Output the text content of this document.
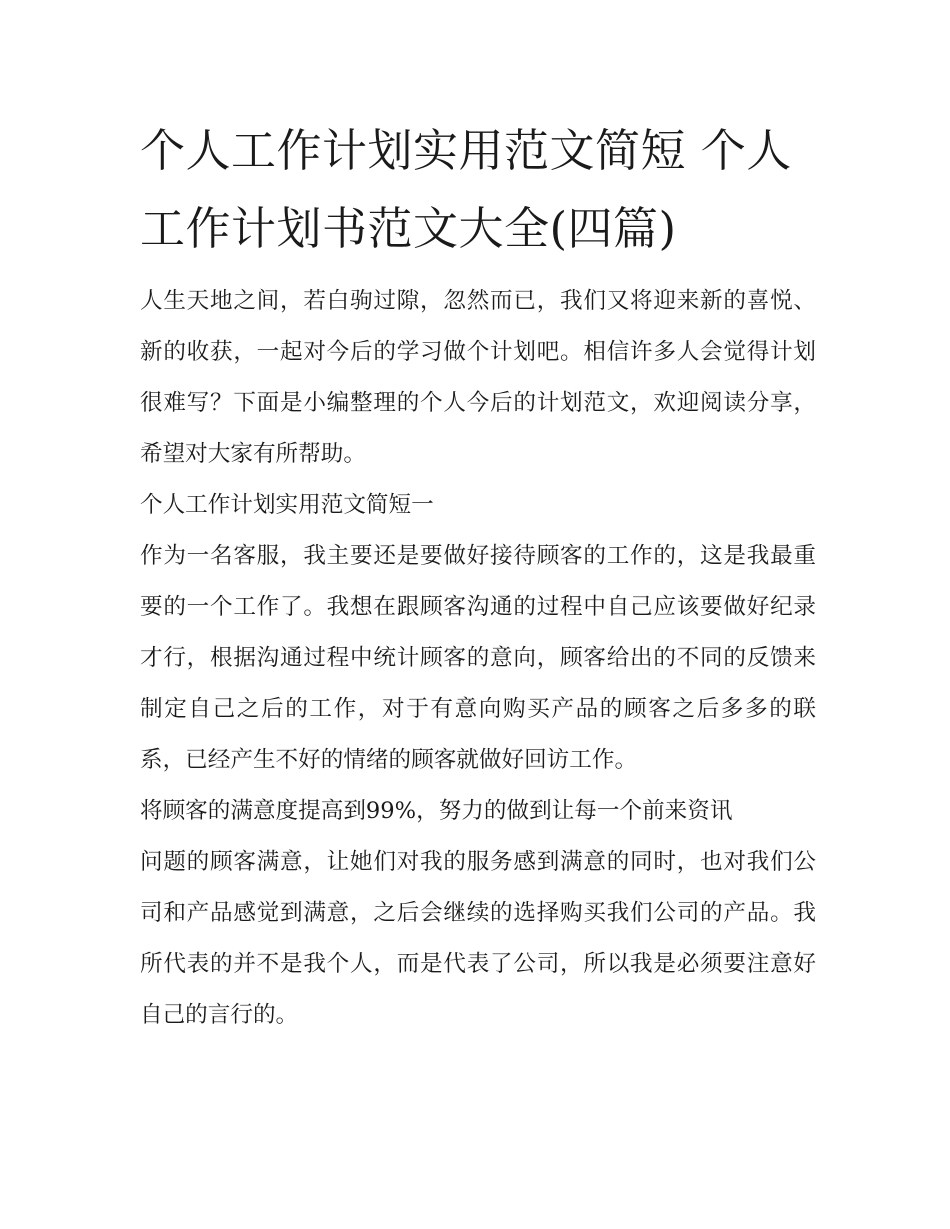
个人工作计划实用范文简短 个人工作计划书范文大全(四篇)

人生天地之间，若白驹过隙，忽然而已，我们又将迎来新的喜悦、新的收获，一起对今后的学习做个计划吧。相信许多人会觉得计划很难写？下面是小编整理的个人今后的计划范文，欢迎阅读分享，希望对大家有所帮助。

个人工作计划实用范文简短一

作为一名客服，我主要还是要做好接待顾客的工作的，这是我最重要的一个工作了。我想在跟顾客沟通的过程中自己应该要做好纪录才行，根据沟通过程中统计顾客的意向，顾客给出的不同的反馈来制定自己之后的工作，对于有意向购买产品的顾客之后多多的联系，已经产生不好的情绪的顾客就做好回访工作。

将顾客的满意度提高到99%，努力的做到让每一个前来资讯

问题的顾客满意，让她们对我的服务感到满意的同时，也对我们公司和产品感觉到满意，之后会继续的选择购买我们公司的产品。我所代表的并不是我个人，而是代表了公司，所以我是必须要注意好自己的言行的。
